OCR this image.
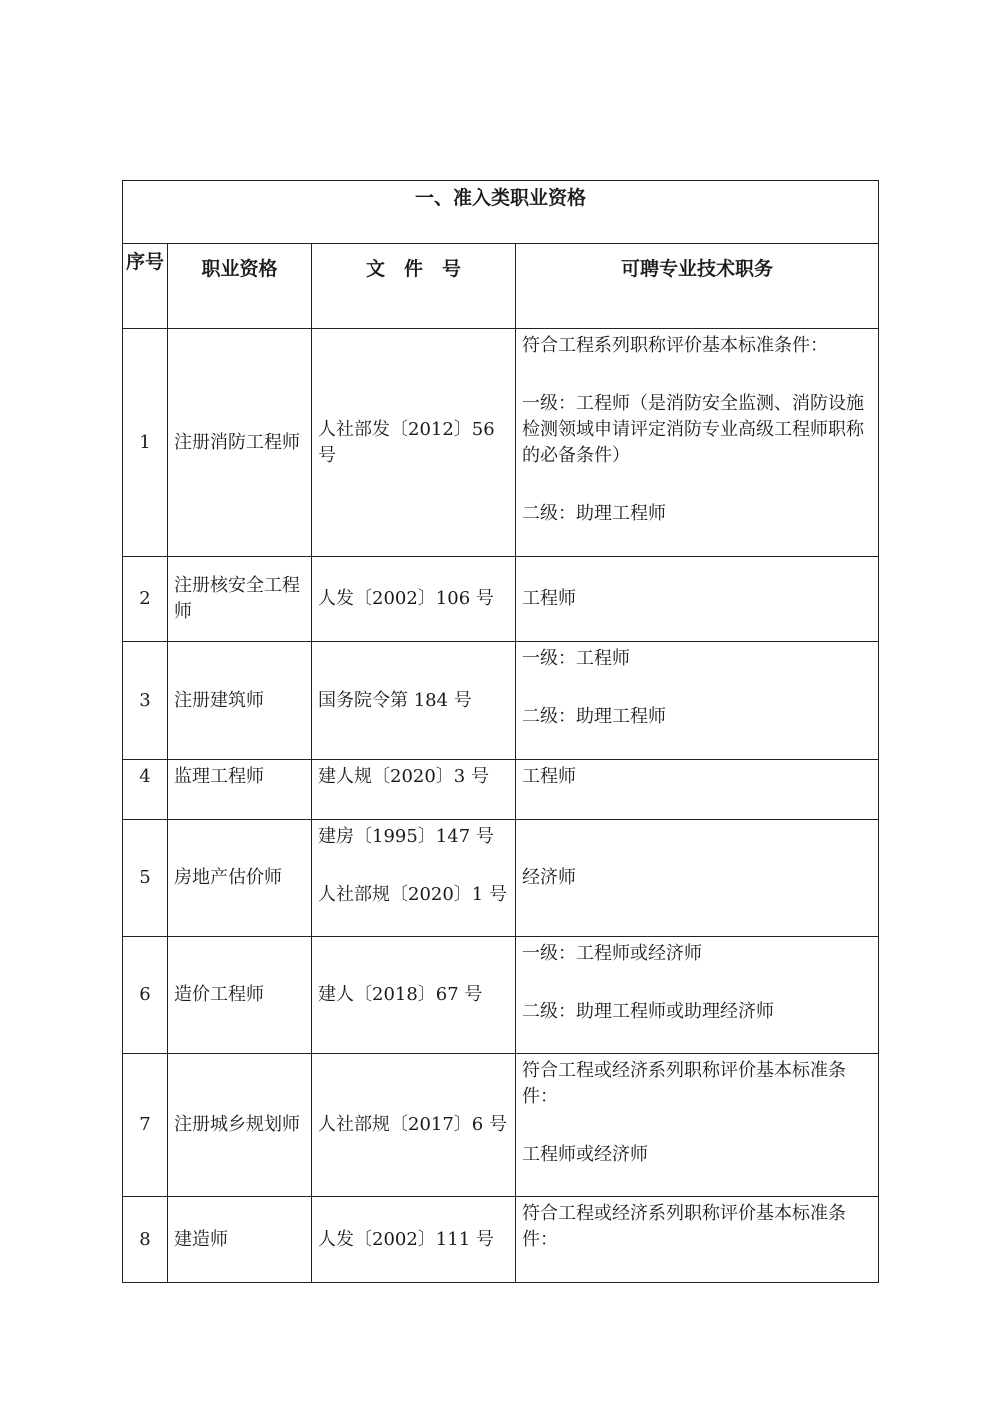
一、准入类职业资格			
序号	职业资格	文　件　号	可聘专业技术职务
1	注册消防工程师	人社部发〔2012〕56号	符合工程系列职称评价基本标准条件：
一级：工程师（是消防安全监测、消防设施检测领域申请评定消防专业高级工程师职称的必备条件）
二级：助理工程师

2	注册核安全工程师	人发〔2002〕106 号	工程师
3	注册建筑师	国务院令第 184 号	一级：工程师
二级：助理工程师

4	监理工程师	建人规〔2020〕3 号	工程师
5	房地产估价师	建房〔1995〕147 号
人社部规〔2020〕1 号	经济师
6	造价工程师	建人〔2018〕67 号	一级：工程师或经济师
二级：助理工程师或助理经济师

7	注册城乡规划师	人社部规〔2017〕6 号	符合工程或经济系列职称评价基本标准条件：
工程师或经济师

8	建造师	人发〔2002〕111 号	符合工程或经济系列职称评价基本标准条件：
